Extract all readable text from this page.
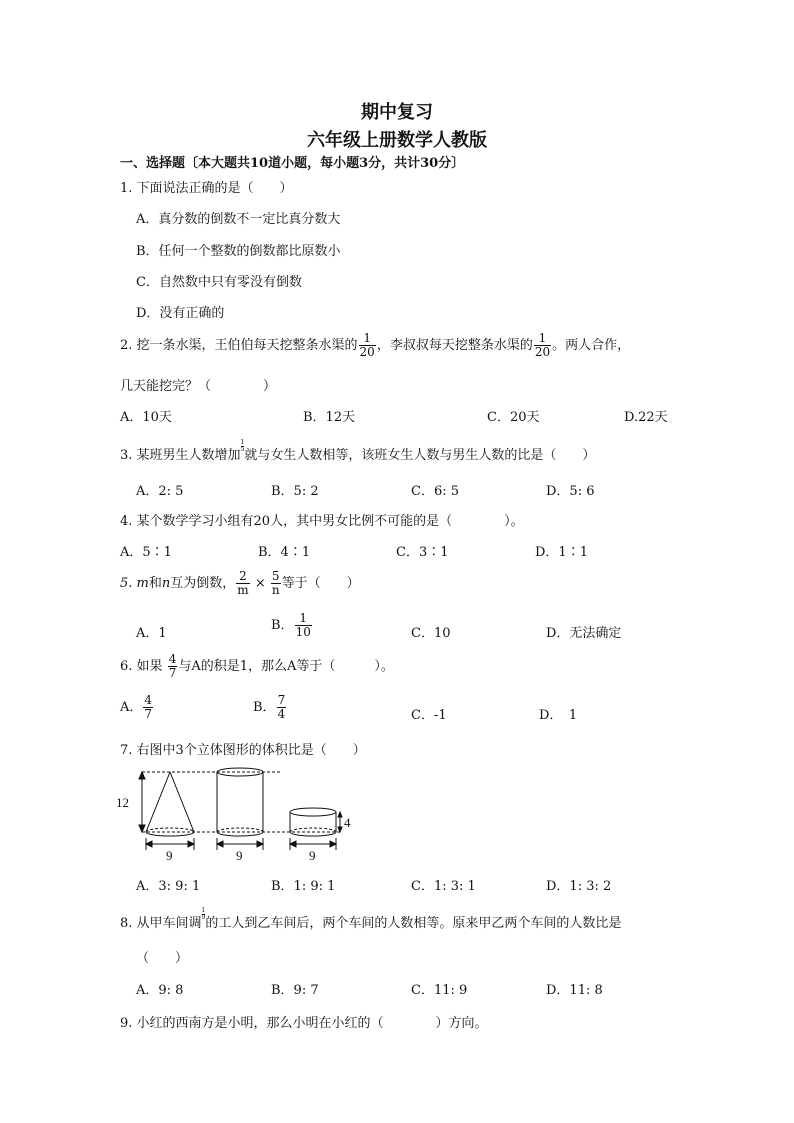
期中复习
六年级上册数学人教版
一、选择题〔本大题共10道小题，每小题3分，共计30分〕
1. 下面说法正确的是（　　）
A．真分数的倒数不一定比真分数大
B．任何一个整数的倒数都比原数小
C．自然数中只有零没有倒数
D．没有正确的
2. 挖一条水渠，王伯伯每天挖整条水渠的 $\frac{1}{20}$ ，李叔叔每天挖整条水渠的 $\frac{1}{20}$ 。两人合作，
几天能挖完？（　　　　）
A．10天	B．12天	C．20天	D.22天
3. 某班男生人数增加
$\frac{1}{5}$
就与女生人数相等，该班女生人数与男生人数的比是（　　）
A．2: 5	B．5: 2	C．6: 5	D．5: 6
4. 某个数学学习小组有20人，其中男女比例不可能的是（　　　　）。
A．5∶1	B．4∶1	C．3∶1	D．1∶1
5. m和n互为倒数， $\frac{2}{m} \times \frac{5}{n}$ 等于（　　）
A．1
B． $\frac{1}{10}$	C．10	D．无法确定
6. 如果 $\frac{4}{7}$ 与A的积是1，那么A等于（　　　）。
A． $\frac{4}{7}$	B． $\frac{7}{4}$	C．-1	D．　1
7. 右图中3个立体图形的体积比是（　　）
12
4
9	9	9
A．3: 9: 1	B．1: 9: 1	C．1: 3: 1	D．1: 3: 2
8. 从甲车间调
$\frac{1}{9}$
的工人到乙车间后，两个车间的人数相等。原来甲乙两个车间的人数比是
（　　）
A．9: 8	B．9: 7	C．11: 9	D．11: 8
9. 小红的西南方是小明，那么小明在小红的（　　　　）方向。
